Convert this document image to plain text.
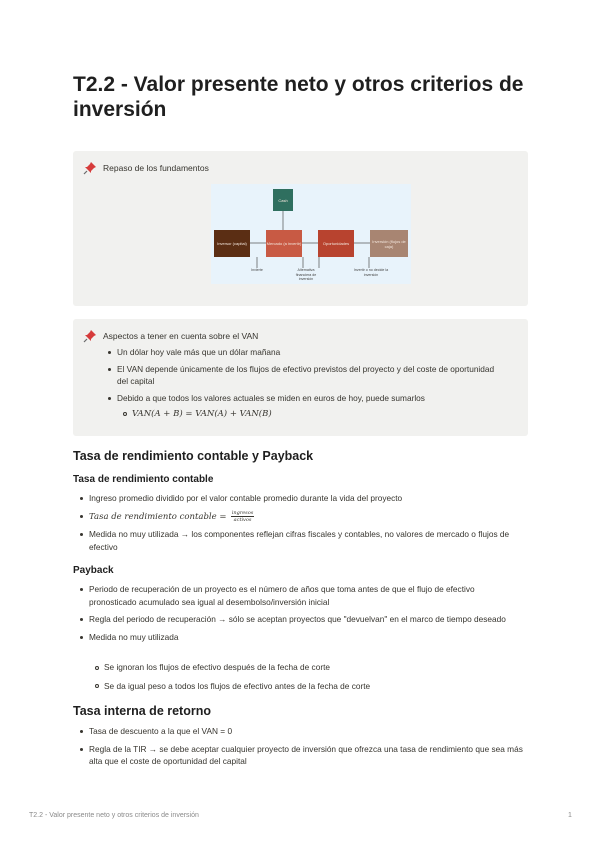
T2.2 - Valor presente neto y otros criterios de inversión
Repaso de los fundamentos
Cash
Inversor (capital)	Mercado (a invertir)	Oportunidades	Inversión (flujos de caja)
Invierte	Alternativa financiera de inversión
Invertir o no decide la inversión
Aspectos a tener en cuenta sobre el VAN
Un dólar hoy vale más que un dólar mañana
El VAN depende únicamente de los flujos de efectivo previstos del proyecto y del coste de oportunidad del capital
Debido a que todos los valores actuales se miden en euros de hoy, puede sumarlos
VAN(A + B) = VAN(A) + VAN(B)
Tasa de rendimiento contable y Payback
Tasa de rendimiento contable
Ingreso promedio dividido por el valor contable promedio durante la vida del proyecto
Tasa de rendimiento contable = $\frac{\text{ingresos}}{\text{activos}}$
Medida no muy utilizada → los componentes reflejan cifras fiscales y contables, no valores de mercado o flujos de efectivo
Payback
Periodo de recuperación de un proyecto es el número de años que toma antes de que el flujo de efectivo pronosticado acumulado sea igual al desembolso/inversión inicial
Regla del periodo de recuperación → sólo se aceptan proyectos que "devuelvan" en el marco de tiempo deseado
Medida no muy utilizada
Se ignoran los flujos de efectivo después de la fecha de corte
Se da igual peso a todos los flujos de efectivo antes de la fecha de corte
Tasa interna de retorno
Tasa de descuento a la que el VAN = 0
Regla de la TIR → se debe aceptar cualquier proyecto de inversión que ofrezca una tasa de rendimiento que sea más alta que el coste de oportunidad del capital
T2.2 - Valor presente neto y otros criterios de inversión	1
